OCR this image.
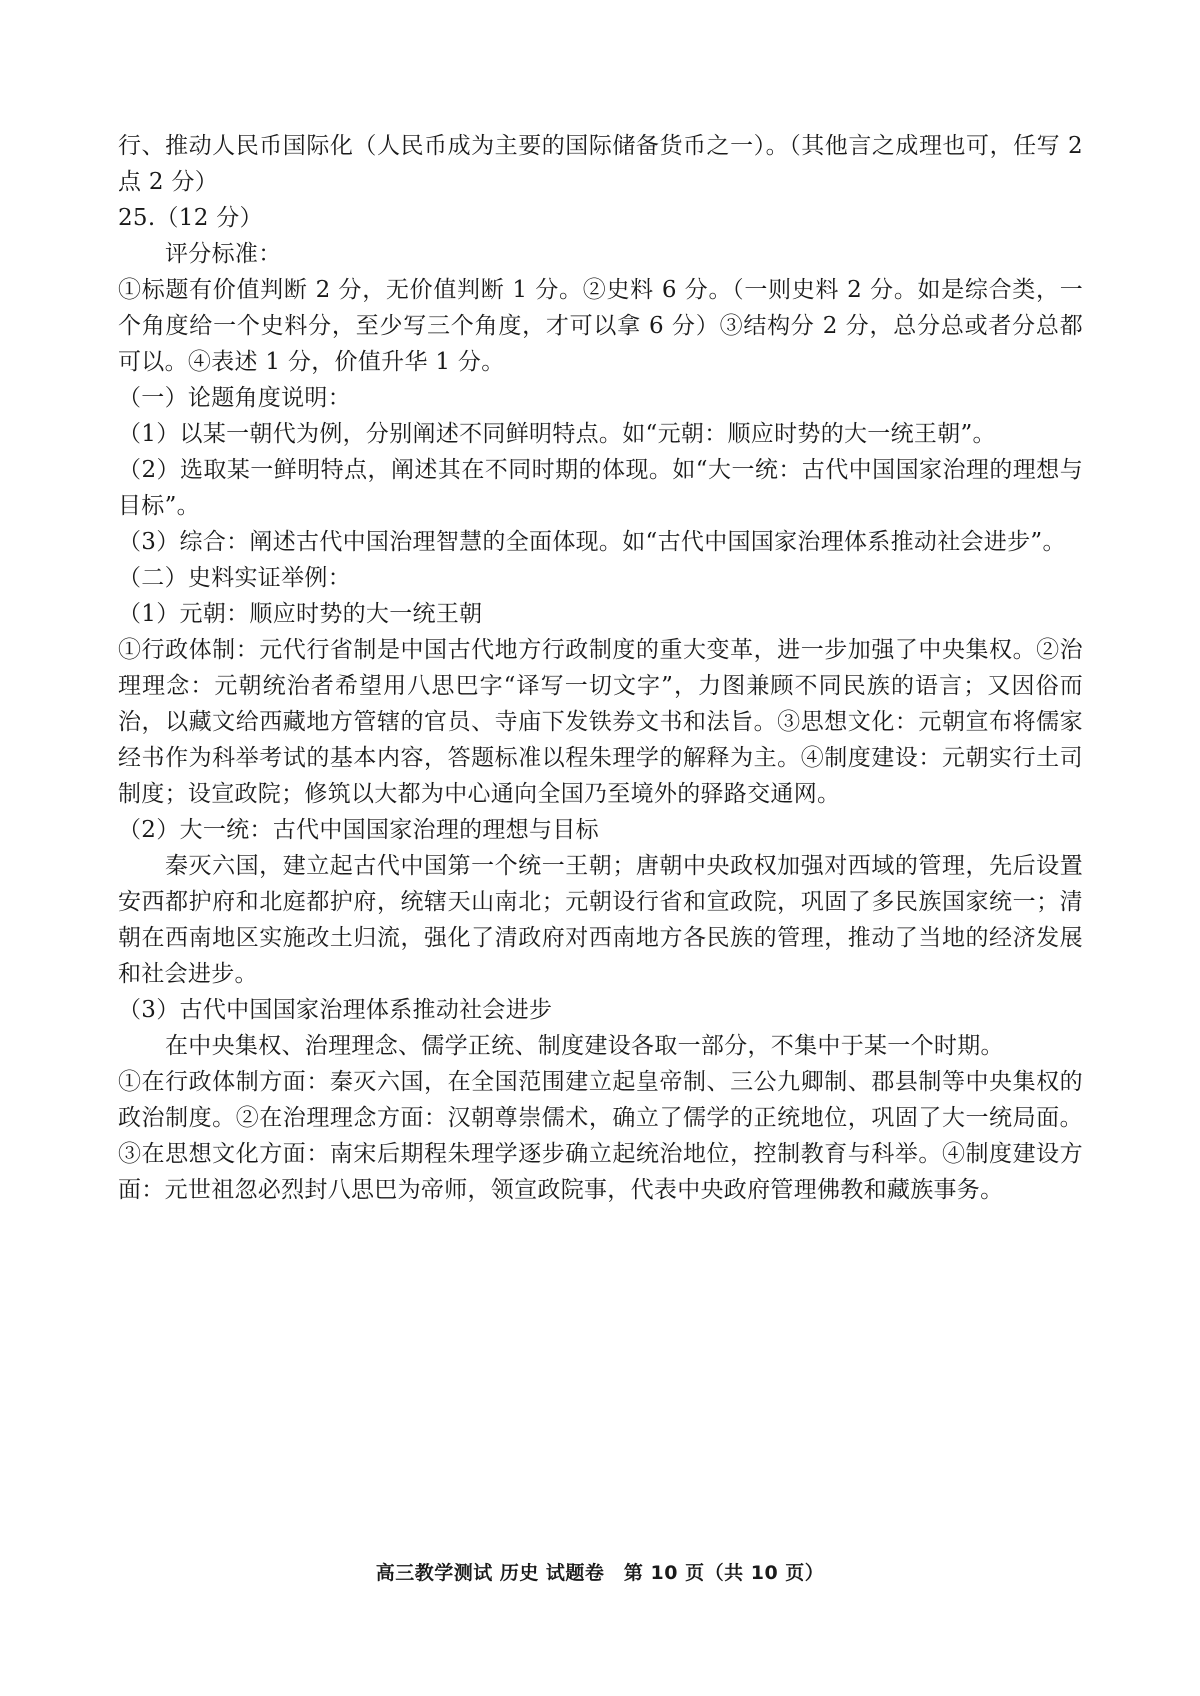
行、推动人民币国际化（人民币成为主要的国际储备货币之一）。（其他言之成理也可，任写 2 点 2 分）

25.（12 分）

评分标准：

①标题有价值判断 2 分，无价值判断 1 分。②史料 6 分。（一则史料 2 分。如是综合类，一个角度给一个史料分，至少写三个角度，才可以拿 6 分）③结构分 2 分，总分总或者分总都可以。④表述 1 分，价值升华 1 分。

（一）论题角度说明：

（1）以某一朝代为例，分别阐述不同鲜明特点。如“元朝：顺应时势的大一统王朝”。

（2）选取某一鲜明特点，阐述其在不同时期的体现。如“大一统：古代中国国家治理的理想与目标”。

（3）综合：阐述古代中国治理智慧的全面体现。如“古代中国国家治理体系推动社会进步”。

（二）史料实证举例：

（1）元朝：顺应时势的大一统王朝

①行政体制：元代行省制是中国古代地方行政制度的重大变革，进一步加强了中央集权。②治理理念：元朝统治者希望用八思巴字“译写一切文字”，力图兼顾不同民族的语言；又因俗而治，以藏文给西藏地方管辖的官员、寺庙下发铁券文书和法旨。③思想文化：元朝宣布将儒家经书作为科举考试的基本内容，答题标准以程朱理学的解释为主。④制度建设：元朝实行土司制度；设宣政院；修筑以大都为中心通向全国乃至境外的驿路交通网。

（2）大一统：古代中国国家治理的理想与目标

秦灭六国，建立起古代中国第一个统一王朝；唐朝中央政权加强对西域的管理，先后设置安西都护府和北庭都护府，统辖天山南北；元朝设行省和宣政院，巩固了多民族国家统一；清朝在西南地区实施改土归流，强化了清政府对西南地方各民族的管理，推动了当地的经济发展和社会进步。

（3）古代中国国家治理体系推动社会进步

在中央集权、治理理念、儒学正统、制度建设各取一部分，不集中于某一个时期。

①在行政体制方面：秦灭六国，在全国范围建立起皇帝制、三公九卿制、郡县制等中央集权的政治制度。②在治理理念方面：汉朝尊崇儒术，确立了儒学的正统地位，巩固了大一统局面。③在思想文化方面：南宋后期程朱理学逐步确立起统治地位，控制教育与科举。④制度建设方面：元世祖忽必烈封八思巴为帝师，领宣政院事，代表中央政府管理佛教和藏族事务。

高三教学测试 历史 试题卷　第 10 页（共 10 页）
